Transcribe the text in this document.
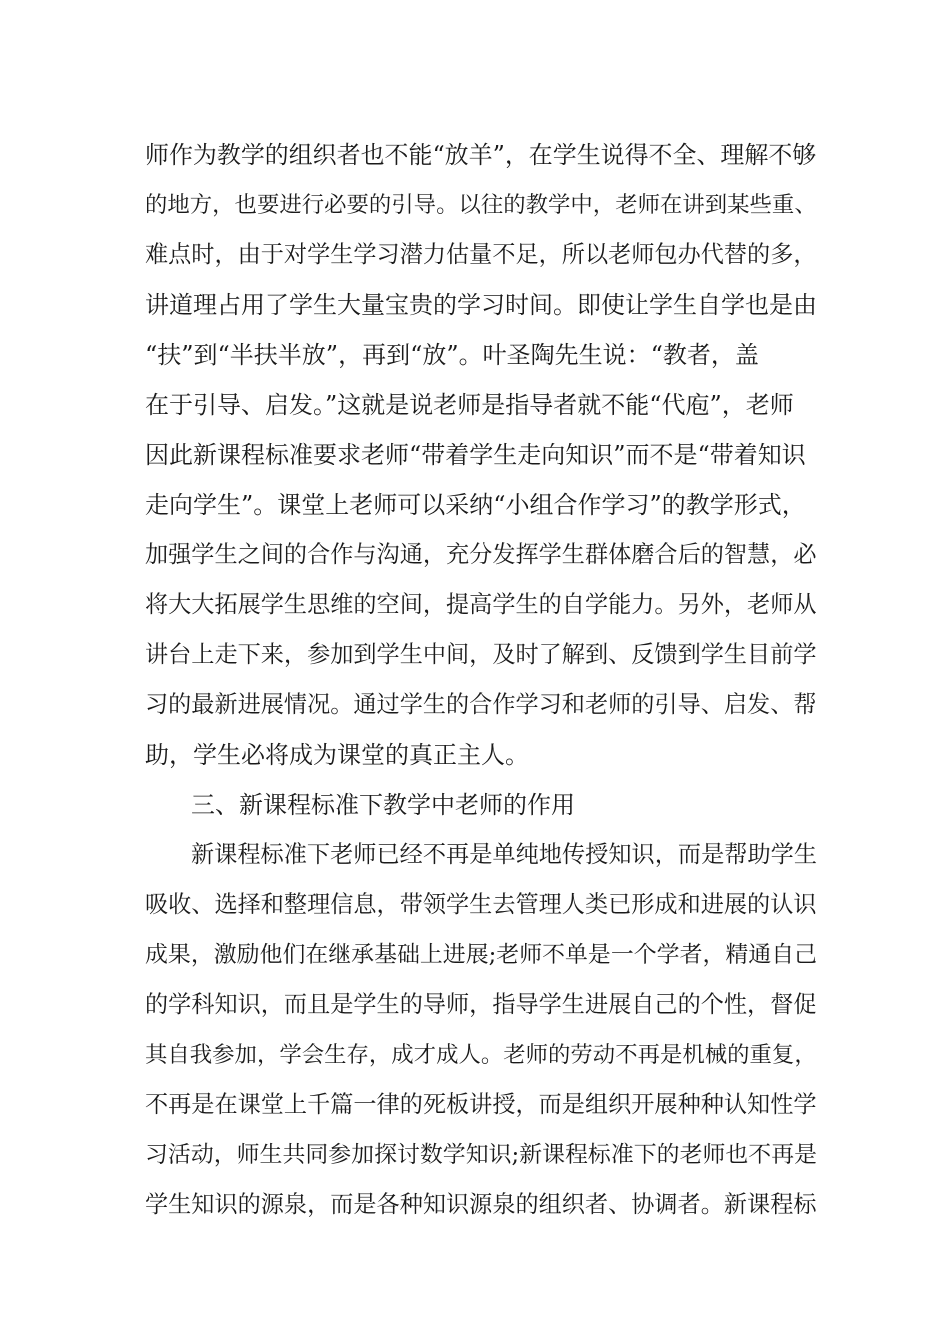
师作为教学的组织者也不能“放羊”，在学生说得不全、理解不够
的地方，也要进行必要的引导。以往的教学中，老师在讲到某些重、
难点时，由于对学生学习潜力估量不足，所以老师包办代替的多，
讲道理占用了学生大量宝贵的学习时间。即使让学生自学也是由
“扶”到“半扶半放”，再到“放”。叶圣陶先生说：“教者，盖
在于引导、启发。”这就是说老师是指导者就不能“代庖”，老师
因此新课程标准要求老师“带着学生走向知识”而不是“带着知识
走向学生”。课堂上老师可以采纳“小组合作学习”的教学形式，
加强学生之间的合作与沟通，充分发挥学生群体磨合后的智慧，必
将大大拓展学生思维的空间，提高学生的自学能力。另外，老师从
讲台上走下来，参加到学生中间，及时了解到、反馈到学生目前学
习的最新进展情况。通过学生的合作学习和老师的引导、启发、帮
助，学生必将成为课堂的真正主人。
三、新课程标准下教学中老师的作用
新课程标准下老师已经不再是单纯地传授知识，而是帮助学生
吸收、选择和整理信息，带领学生去管理人类已形成和进展的认识
成果，激励他们在继承基础上进展;老师不单是一个学者，精通自己
的学科知识，而且是学生的导师，指导学生进展自己的个性，督促
其自我参加，学会生存，成才成人。老师的劳动不再是机械的重复，
不再是在课堂上千篇一律的死板讲授，而是组织开展种种认知性学
习活动，师生共同参加探讨数学知识;新课程标准下的老师也不再是
学生知识的源泉，而是各种知识源泉的组织者、协调者。新课程标
